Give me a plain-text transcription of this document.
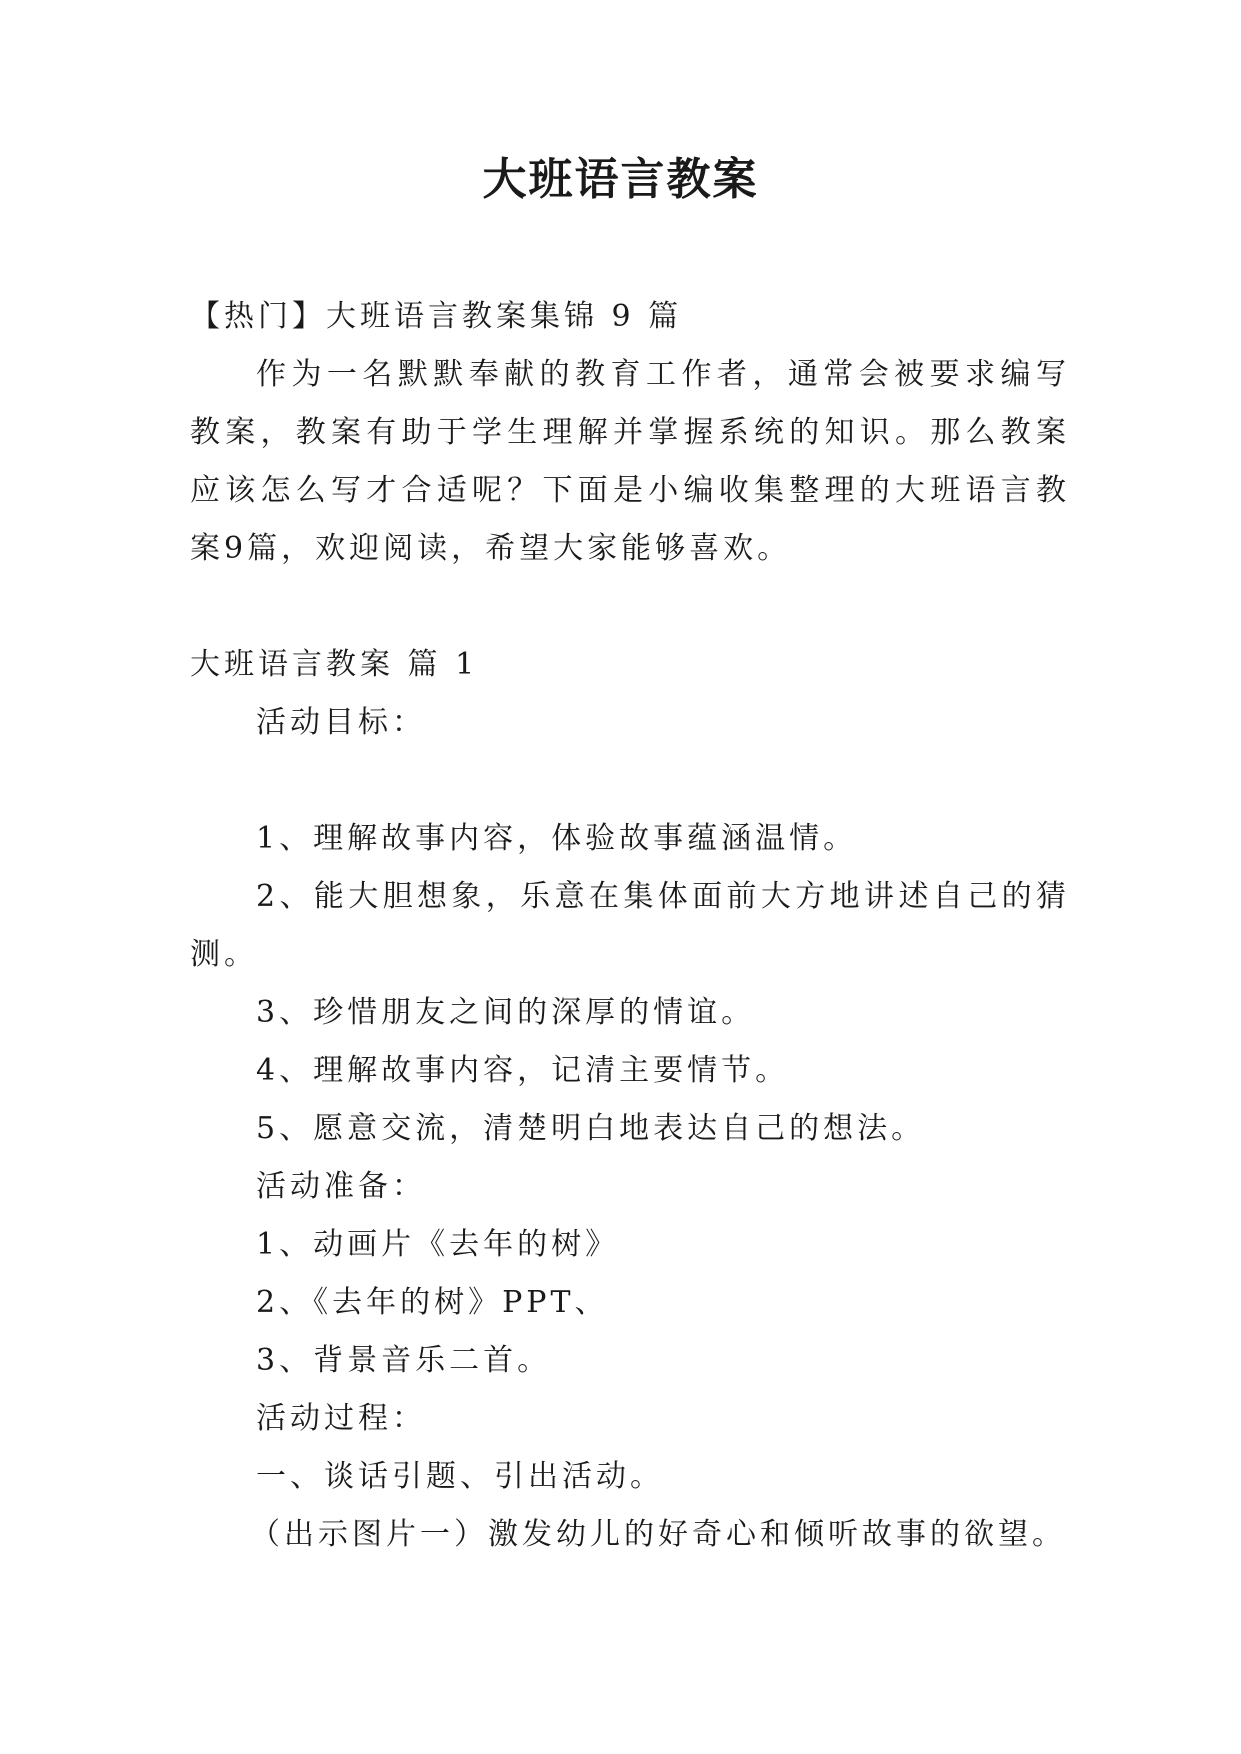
大班语言教案

【热门】大班语言教案集锦 9 篇

作为一名默默奉献的教育工作者，通常会被要求编写教案，教案有助于学生理解并掌握系统的知识。那么教案应该怎么写才合适呢？下面是小编收集整理的大班语言教案9篇，欢迎阅读，希望大家能够喜欢。

大班语言教案 篇 1

活动目标：

1、理解故事内容，体验故事蕴涵温情。

2、能大胆想象，乐意在集体面前大方地讲述自己的猜测。

3、珍惜朋友之间的深厚的情谊。

4、理解故事内容，记清主要情节。

5、愿意交流，清楚明白地表达自己的想法。

活动准备：

1、动画片《去年的树》

2、《去年的树》PPT、

3、背景音乐二首。

活动过程：

一、谈话引题、引出活动。

（出示图片一）激发幼儿的好奇心和倾听故事的欲望。
